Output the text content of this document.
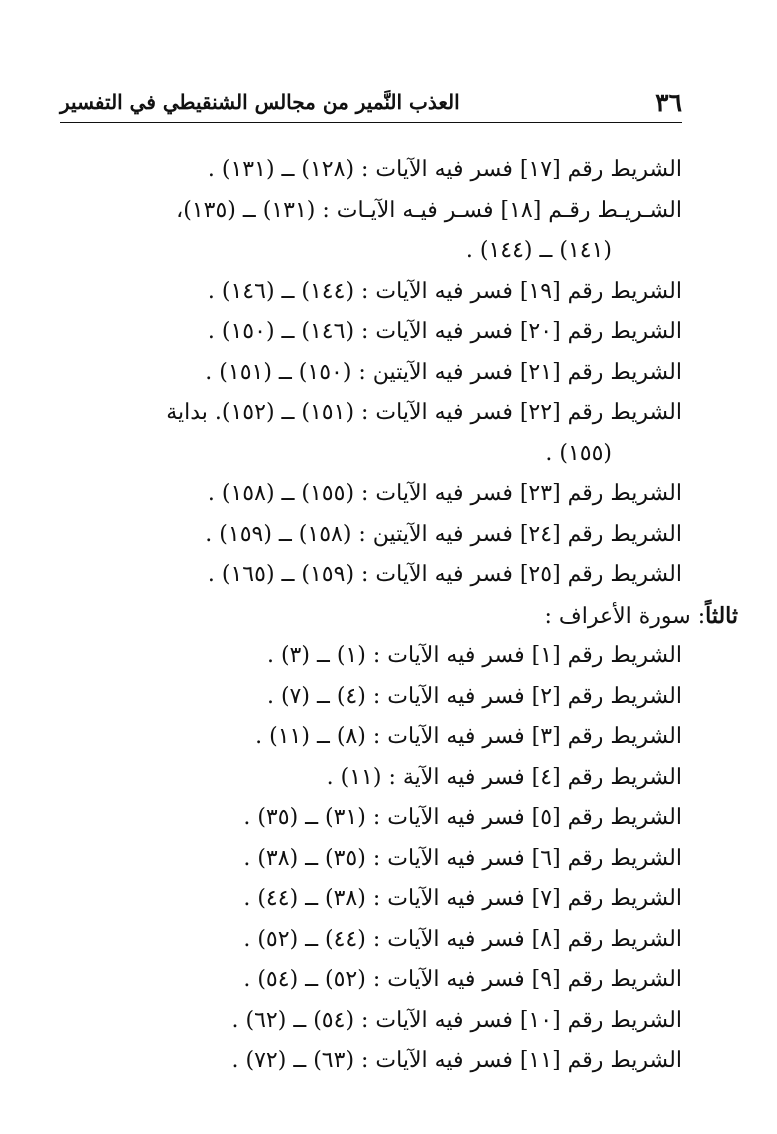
٣٦
العذب النَّمير من مجالس الشنقيطي في التفسير
الشريط رقم [١٧] فسر فيه الآيات : (١٢٨) ــ (١٣١) .
الشـريـط رقـم [١٨] فسـر فيـه الآيـات : (١٣١) ــ (١٣٥)،
(١٤١) ــ (١٤٤) .
الشريط رقم [١٩] فسر فيه الآيات : (١٤٤) ــ (١٤٦) .
الشريط رقم [٢٠] فسر فيه الآيات : (١٤٦) ــ (١٥٠) .
الشريط رقم [٢١] فسر فيه الآيتين : (١٥٠) ــ (١٥١) .
الشريط رقم [٢٢] فسر فيه الآيات : (١٥١) ــ (١٥٢). بداية
(١٥٥) .
الشريط رقم [٢٣] فسر فيه الآيات : (١٥٥) ــ (١٥٨) .
الشريط رقم [٢٤] فسر فيه الآيتين : (١٥٨) ــ (١٥٩) .
الشريط رقم [٢٥] فسر فيه الآيات : (١٥٩) ــ (١٦٥) .
ثالثاً: سورة الأعراف :
الشريط رقم [١] فسر فيه الآيات : (١) ــ (٣) .
الشريط رقم [٢] فسر فيه الآيات : (٤) ــ (٧) .
الشريط رقم [٣] فسر فيه الآيات : (٨) ــ (١١) .
الشريط رقم [٤] فسر فيه الآية : (١١) .
الشريط رقم [٥] فسر فيه الآيات : (٣١) ــ (٣٥) .
الشريط رقم [٦] فسر فيه الآيات : (٣٥) ــ (٣٨) .
الشريط رقم [٧] فسر فيه الآيات : (٣٨) ــ (٤٤) .
الشريط رقم [٨] فسر فيه الآيات : (٤٤) ــ (٥٢) .
الشريط رقم [٩] فسر فيه الآيات : (٥٢) ــ (٥٤) .
الشريط رقم [١٠] فسر فيه الآيات : (٥٤) ــ (٦٢) .
الشريط رقم [١١] فسر فيه الآيات : (٦٣) ــ (٧٢) .
